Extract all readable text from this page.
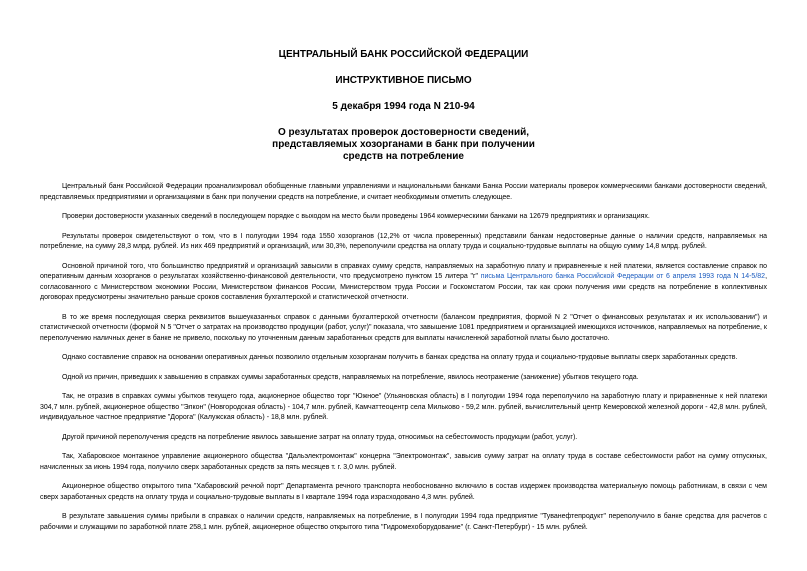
ЦЕНТРАЛЬНЫЙ БАНК РОССИЙСКОЙ ФЕДЕРАЦИИ

ИНСТРУКТИВНОЕ ПИСЬМО

5 декабря 1994 года N 210-94

О результатах проверок достоверности сведений,
представляемых хозорганами в банк при получении
средств на потребление

Центральный банк Российской Федерации проанализировал обобщенные главными управлениями и национальными банками Банка России материалы проверок коммерческими банками достоверности сведений, представляемых предприятиями и организациями в банк при получении средств на потребление, и считает необходимым отметить следующее.

Проверки достоверности указанных сведений в последующем порядке с выходом на место были проведены 1964 коммерческими банками на 12679 предприятиях и организациях.

Результаты проверок свидетельствуют о том, что в I полугодии 1994 года 1550 хозорганов (12,2% от числа проверенных) представили банкам недостоверные данные о наличии средств, направляемых на потребление, на сумму 28,3 млрд. рублей. Из них 469 предприятий и организаций, или 30,3%, переполучили средства на оплату труда и социально-трудовые выплаты на общую сумму 14,8 млрд. рублей.

Основной причиной того, что большинство предприятий и организаций завысили в справках сумму средств, направляемых на заработную плату и приравненные к ней платежи, является составление справок по оперативным данным хозорганов о результатах хозяйственно-финансовой деятельности, что предусмотрено пунктом 15 литера "г" письма Центрального банка Российской Федерации от 6 апреля 1993 года N 14-5/82, согласованного с Министерством экономики России, Министерством финансов России, Министерством труда России и Госкомстатом России, так как сроки получения ими средств на потребление в коллективных договорах предусмотрены значительно раньше сроков составления бухгалтерской и статистической отчетности.

В то же время последующая сверка реквизитов вышеуказанных справок с данными бухгалтерской отчетности (балансом предприятия, формой N 2 "Отчет о финансовых результатах и их использовании") и статистической отчетности (формой N 5 "Отчет о затратах на производство продукции (работ, услуг)" показала, что завышение 1081 предприятием и организацией имеющихся источников, направляемых на потребление, к переполучению наличных денег в банке не привело, поскольку по уточненным данным заработанных средств для выплаты начисленной заработной платы было достаточно.

Однако составление справок на основании оперативных данных позволило отдельным хозорганам получить в банках средства на оплату труда и социально-трудовые выплаты сверх заработанных средств.

Одной из причин, приведших к завышению в справках суммы заработанных средств, направляемых на потребление, явилось неотражение (занижение) убытков текущего года.

Так, не отразив в справках суммы убытков текущего года, акционерное общество торг "Южное" (Ульяновская область) в I полугодии 1994 года переполучило на заработную плату и приравненные к ней платежи 304,7 млн. рублей, акционерное общество "Элкон" (Новгородская область) - 104,7 млн. рублей, Камчаттеоцентр села Мильково - 59,2 млн. рублей, вычислительный центр Кемеровской железной дороги - 42,8 млн. рублей, индивидуальное частное предприятие "Дорога" (Калужская область) - 18,8 млн. рублей.

Другой причиной переполучения средств на потребление явилось завышение затрат на оплату труда, относимых на себестоимость продукции (работ, услуг).

Так, Хабаровское монтажное управление акционерного общества "Дальэлектромонтаж" концерна "Электромонтаж", завысив сумму затрат на оплату труда в составе себестоимости работ на сумму отпускных, начисленных за июнь 1994 года, получило сверх заработанных средств за пять месяцев т. г. 3,0 млн. рублей.

Акционерное общество открытого типа "Хабаровский речной порт" Департамента речного транспорта необоснованно включило в состав издержек производства материальную помощь работникам, в связи с чем сверх заработанных средств на оплату труда и социально-трудовые выплаты в I квартале 1994 года израсходовано 4,3 млн. рублей.

В результате завышения суммы прибыли в справках о наличии средств, направляемых на потребление, в I полугодии 1994 года предприятие "Туванефтепродукт" переполучило в банке средства для расчетов с рабочими и служащими по заработной плате 258,1 млн. рублей, акционерное общество открытого типа "Гидромехоборудование" (г. Санкт-Петербург) - 15 млн. рублей.
